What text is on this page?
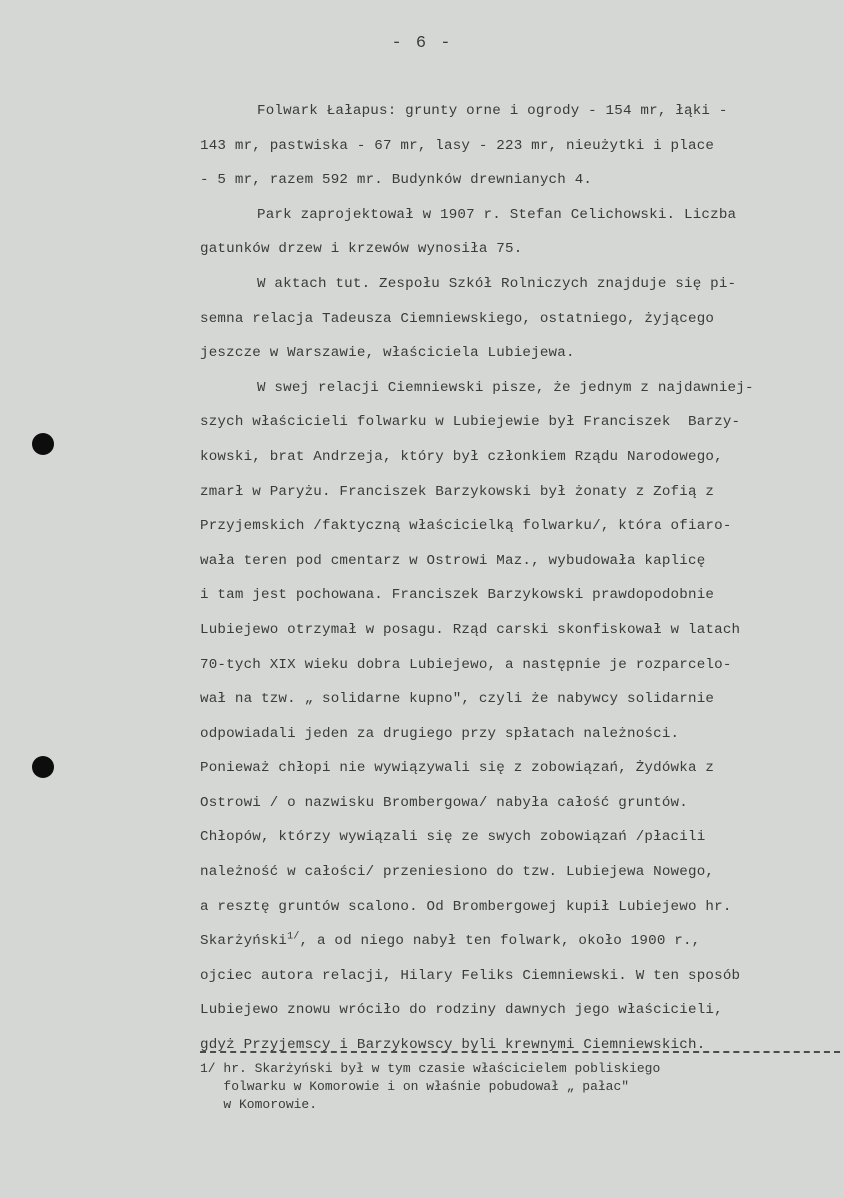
- 6 -
Folwark Łałapus: grunty orne i ogrody - 154 mr, łąki -
143 mr, pastwiska - 67 mr, lasy - 223 mr, nieużytki i place
- 5 mr, razem 592 mr. Budynków drewnianych 4.
Park zaprojektował w 1907 r. Stefan Celichowski. Liczba
gatunków drzew i krzewów wynosiła 75.
W aktach tut. Zespołu Szkół Rolniczych znajduje się pi-
semna relacja Tadeusza Ciemniewskiego, ostatniego, żyjącego
jeszcze w Warszawie, właściciela Lubiejewa.
W swej relacji Ciemniewski pisze, że jednym z najdawniej-
szych właścicieli folwarku w Lubiejewie był Franciszek  Barzy-
kowski, brat Andrzeja, który był członkiem Rządu Narodowego,
zmarł w Paryżu. Franciszek Barzykowski był żonaty z Zofią z
Przyjemskich /faktyczną właścicielką folwarku/, która ofiaro-
wała teren pod cmentarz w Ostrowi Maz., wybudowała kaplicę
i tam jest pochowana. Franciszek Barzykowski prawdopodobnie
Lubiejewo otrzymał w posagu. Rząd carski skonfiskował w latach
70-tych XIX wieku dobra Lubiejewo, a następnie je rozparcelo-
wał na tzw. „ solidarne kupno", czyli że nabywcy solidarnie
odpowiadali jeden za drugiego przy spłatach należności.
Ponieważ chłopi nie wywiązywali się z zobowiązań, Żydówka z
Ostrowi / o nazwisku Brombergowa/ nabyła całość gruntów.
Chłopów, którzy wywiązali się ze swych zobowiązań /płacili
należność w całości/ przeniesiono do tzw. Lubiejewa Nowego,
a resztę gruntów scalono. Od Brombergowej kupił Lubiejewo hr.
Skarżyński$^{1/}$, a od niego nabył ten folwark, około 1900 r.,
ojciec autora relacji, Hilary Feliks Ciemniewski. W ten sposób
Lubiejewo znowu wróciło do rodziny dawnych jego właścicieli,
gdyż Przyjemscy i Barzykowscy byli krewnymi Ciemniewskich.
1/ hr. Skarżyński był w tym czasie właścicielem pobliskiego
folwarku w Komorowie i on właśnie pobudował „ pałac"
w Komorowie.
